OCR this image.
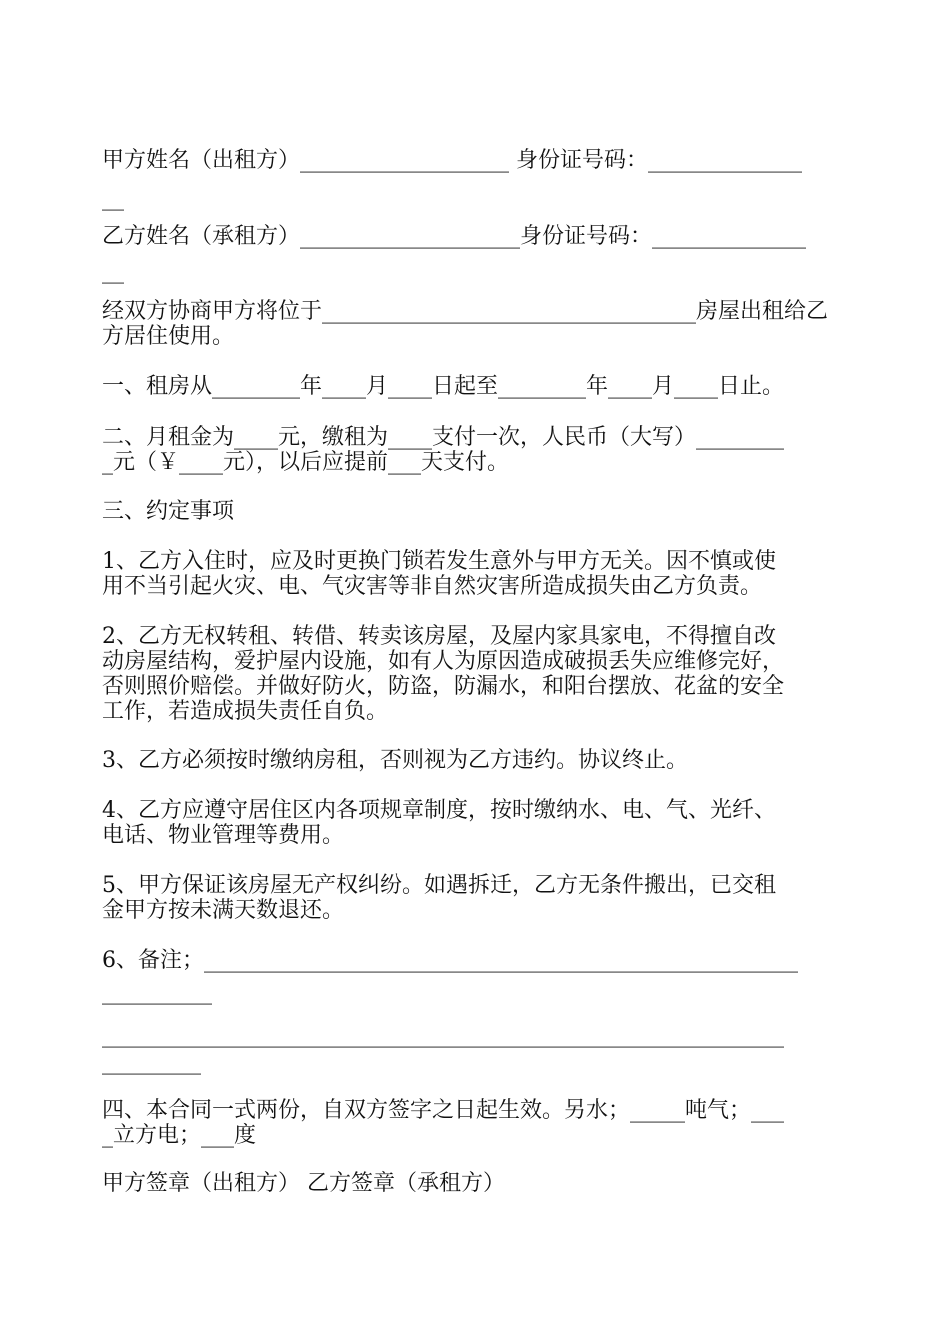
甲方姓名（出租方）___________________ 身份证号码：______________

__

乙方姓名（承租方）____________________身份证号码：______________

__

经双方协商甲方将位于__________________________________房屋出租给乙

方居住使用。

一、租房从________年____月____日起至________年____月____日止。

二、月租金为____元，缴租为____支付一次，人民币（大写）________

_元（￥____元），以后应提前___天支付。

三、约定事项

1、乙方入住时，应及时更换门锁若发生意外与甲方无关。因不慎或使

用不当引起火灾、电、气灾害等非自然灾害所造成损失由乙方负责。

2、乙方无权转租、转借、转卖该房屋，及屋内家具家电，不得擅自改

动房屋结构，爱护屋内设施，如有人为原因造成破损丢失应维修完好，

否则照价赔偿。并做好防火，防盗，防漏水，和阳台摆放、花盆的安全

工作，若造成损失责任自负。

3、乙方必须按时缴纳房租，否则视为乙方违约。协议终止。

4、乙方应遵守居住区内各项规章制度，按时缴纳水、电、气、光纤、

电话、物业管理等费用。

5、甲方保证该房屋无产权纠纷。如遇拆迁，乙方无条件搬出，已交租

金甲方按未满天数退还。

6、备注；______________________________________________________

__________

______________________________________________________________

_________

四、本合同一式两份，自双方签字之日起生效。另水；_____吨气；___

_立方电；___度

甲方签章（出租方） 乙方签章（承租方）
